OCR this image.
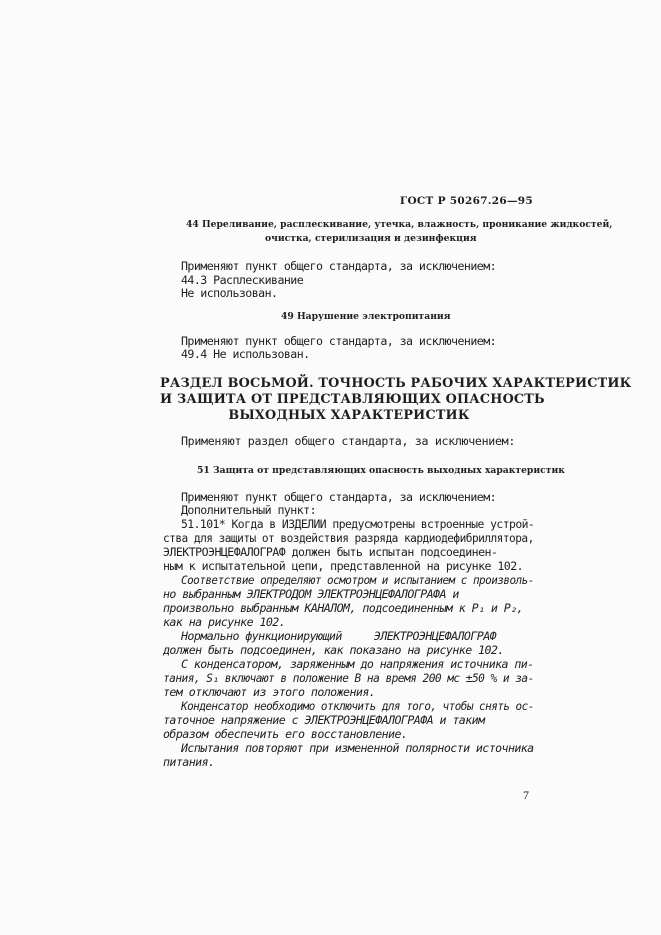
ГОСТ Р 50267.26—95
44 Переливание, расплескивание, утечка, влажность, проникание жидкостей,
очистка, стерилизация и дезинфекция
Применяют пункт общего стандарта, за исключением:
44.3 Расплескивание
Не использован.
49 Нарушение электропитания
Применяют пункт общего стандарта, за исключением:
49.4 Не использован.
РАЗДЕЛ ВОСЬМОЙ. ТОЧНОСТЬ РАБОЧИХ ХАРАКТЕРИСТИК
И ЗАЩИТА ОТ ПРЕДСТАВЛЯЮЩИХ ОПАСНОСТЬ
ВЫХОДНЫХ ХАРАКТЕРИСТИК
Применяют раздел общего стандарта, за исключением:
51 Защита от представляющих опасность выходных характеристик
Применяют пункт общего стандарта, за исключением:
Дополнительный пункт:
51.101* Когда в ИЗДЕЛИИ предусмотрены встроенные устрой-
ства для защиты от воздействия разряда кардиодефибриллятора,
ЭЛЕКТРОЭНЦЕФАЛОГРАФ должен быть испытан подсоединен-
ным к испытательной цепи, представленной на рисунке 102.
Соответствие определяют осмотром и испытанием с произволь-
но выбранным ЭЛЕКТРОДОМ ЭЛЕКТРОЭНЦЕФАЛОГРАФА и
произвольно выбранным КАНАЛОМ, подсоединенным к P₁ и P₂,
как на рисунке 102.
Нормально функционирующий     ЭЛЕКТРОЭНЦЕФАЛОГРАФ
должен быть подсоединен, как показано на рисунке 102.
С конденсатором, заряженным до напряжения источника пи-
тания, S₁ включают в положение B на время 200 мс ±50 % и за-
тем отключают из этого положения.
Конденсатор необходимо отключить для того, чтобы снять ос-
таточное напряжение с ЭЛЕКТРОЭНЦЕФАЛОГРАФА и таким
образом обеспечить его восстановление.
Испытания повторяют при измененной полярности источника
питания.
7
